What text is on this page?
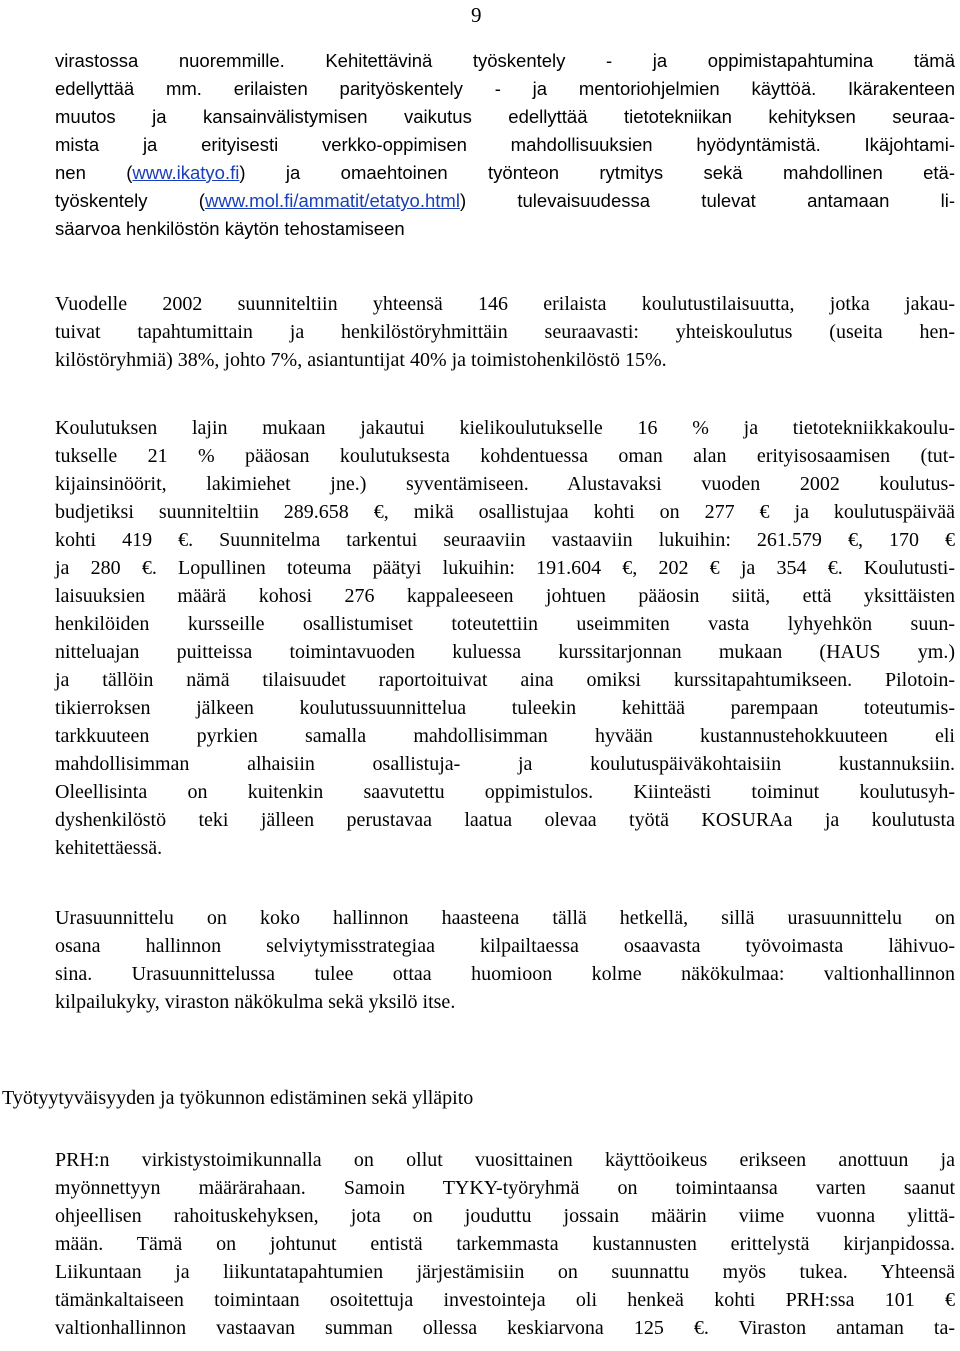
9
virastossa nuoremmille. Kehitettävinä työskentely - ja oppimistapahtumina tämä
edellyttää mm. erilaisten parityöskentely - ja mentoriohjelmien käyttöä. Ikärakenteen
muutos ja kansainvälistymisen vaikutus edellyttää tietotekniikan kehityksen seuraa-
mista ja erityisesti verkko-oppimisen mahdollisuuksien hyödyntämistä. Ikäjohtami-
nen (www.ikatyo.fi) ja omaehtoinen työnteon rytmitys sekä mahdollinen etä-
työskentely (www.mol.fi/ammatit/etatyo.html) tulevaisuudessa tulevat antamaan li-
säarvoa henkilöstön käytön tehostamiseen
Vuodelle 2002 suunniteltiin yhteensä 146 erilaista koulutustilaisuutta, jotka jakau-
tuivat tapahtumittain ja henkilöstöryhmittäin seuraavasti: yhteiskoulutus (useita hen-
kilöstöryhmiä) 38%, johto 7%, asiantuntijat 40% ja toimistohenkilöstö 15%.
Koulutuksen lajin mukaan jakautui kielikoulutukselle 16 % ja tietotekniikkakoulu-
tukselle 21 % pääosan koulutuksesta kohdentuessa oman alan erityisosaamisen (tut-
kijainsinöörit, lakimiehet jne.) syventämiseen. Alustavaksi vuoden 2002 koulutus-
budjetiksi suunniteltiin 289.658 €, mikä osallistujaa kohti on 277 € ja koulutuspäivää
kohti 419 €. Suunnitelma tarkentui seuraaviin vastaaviin lukuihin: 261.579 €, 170 €
ja 280 €. Lopullinen toteuma päätyi lukuihin: 191.604 €, 202 € ja 354 €. Koulutusti-
laisuuksien määrä kohosi 276 kappaleeseen johtuen pääosin siitä, että yksittäisten
henkilöiden kursseille osallistumiset toteutettiin useimmiten vasta lyhyehkön suun-
nitteluajan puitteissa toimintavuoden kuluessa kurssitarjonnan mukaan (HAUS ym.)
ja tällöin nämä tilaisuudet raportoituivat aina omiksi kurssitapahtumikseen. Pilotoin-
tikierroksen jälkeen koulutussuunnittelua tuleekin kehittää parempaan toteutumis-
tarkkuuteen pyrkien samalla mahdollisimman hyvään kustannustehokkuuteen eli
mahdollisimman alhaisiin osallistuja- ja koulutuspäiväkohtaisiin kustannuksiin.
Oleellisinta on kuitenkin saavutettu oppimistulos. Kiinteästi toiminut koulutusyh-
dyshenkilöstö teki jälleen perustavaa laatua olevaa työtä KOSURAa ja koulutusta
kehitettäessä.
Urasuunnittelu on koko hallinnon haasteena tällä hetkellä, sillä urasuunnittelu on
osana hallinnon selviytymisstrategiaa kilpailtaessa osaavasta työvoimasta lähivuo-
sina. Urasuunnittelussa tulee ottaa huomioon kolme näkökulmaa: valtionhallinnon
kilpailukyky, viraston näkökulma sekä yksilö itse.
Työtyytyväisyyden ja työkunnon edistäminen sekä ylläpito
PRH:n virkistystoimikunnalla on ollut vuosittainen käyttöoikeus erikseen anottuun ja
myönnettyyn määrärahaan. Samoin TYKY-työryhmä on toimintaansa varten saanut
ohjeellisen rahoituskehyksen, jota on jouduttu jossain määrin viime vuonna ylittä-
mään. Tämä on johtunut entistä tarkemmasta kustannusten erittelystä kirjanpidossa.
Liikuntaan ja liikuntatapahtumien järjestämisiin on suunnattu myös tukea. Yhteensä
tämänkaltaiseen toimintaan osoitettuja investointeja oli henkeä kohti PRH:ssa 101 €
valtionhallinnon vastaavan summan ollessa keskiarvona 125 €. Viraston antaman ta-
